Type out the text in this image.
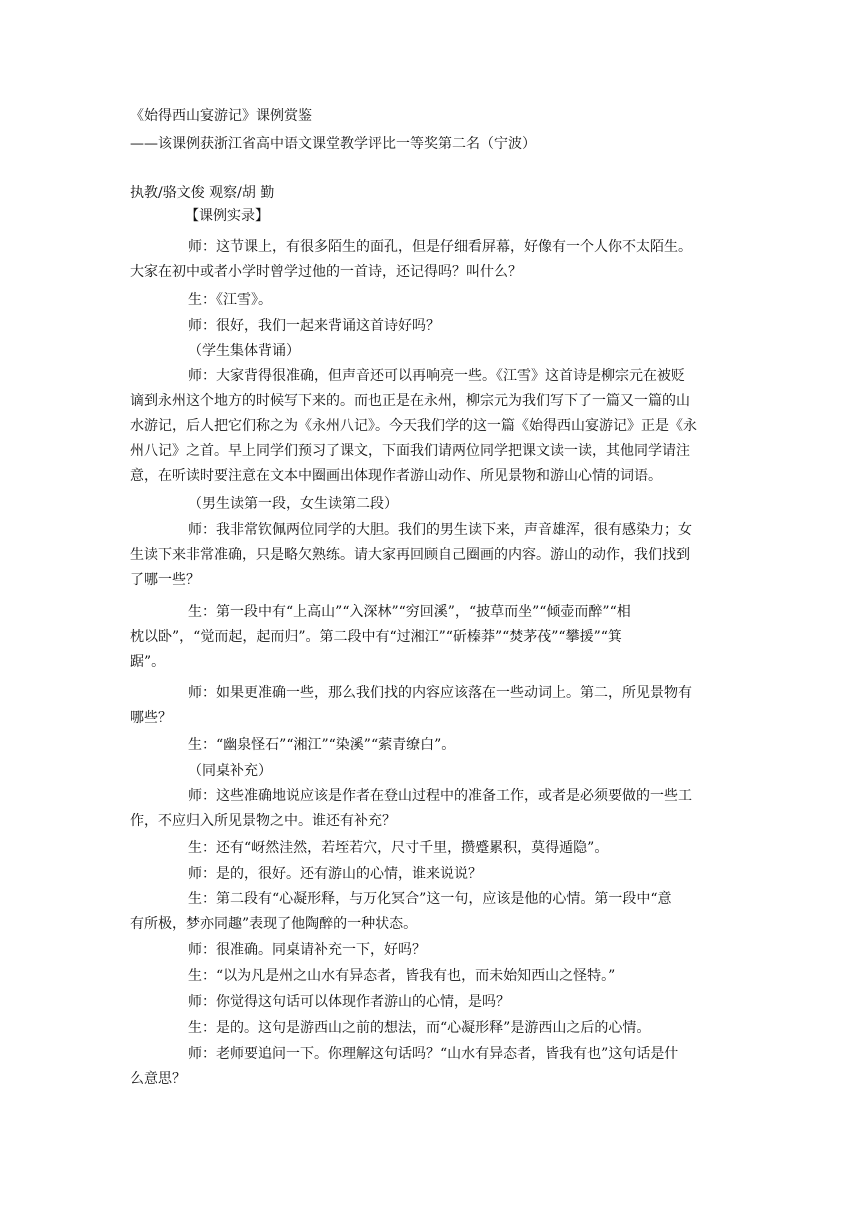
《始得西山宴游记》课例赏鉴
——该课例获浙江省高中语文课堂教学评比一等奖第二名（宁波）
执教/骆文俊 观察/胡 勤
【课例实录】
师：这节课上，有很多陌生的面孔，但是仔细看屏幕，好像有一个人你不太陌生。
大家在初中或者小学时曾学过他的一首诗，还记得吗？叫什么？
生：《江雪》。
师：很好，我们一起来背诵这首诗好吗？
（学生集体背诵）
师：大家背得很准确，但声音还可以再响亮一些。《江雪》这首诗是柳宗元在被贬
谪到永州这个地方的时候写下来的。而也正是在永州，柳宗元为我们写下了一篇又一篇的山
水游记，后人把它们称之为《永州八记》。今天我们学的这一篇《始得西山宴游记》正是《永
州八记》之首。早上同学们预习了课文，下面我们请两位同学把课文读一读，其他同学请注
意，在听读时要注意在文本中圈画出体现作者游山动作、所见景物和游山心情的词语。
（男生读第一段，女生读第二段）
师：我非常钦佩两位同学的大胆。我们的男生读下来，声音雄浑，很有感染力；女
生读下来非常准确，只是略欠熟练。请大家再回顾自己圈画的内容。游山的动作，我们找到
了哪一些？
生：第一段中有“上高山”“入深林”“穷回溪”，“披草而坐”“倾壶而醉”“相
枕以卧”，“觉而起，起而归”。第二段中有“过湘江”“斫榛莽”“焚茅茷”“攀援”“箕
踞”。
师：如果更准确一些，那么我们找的内容应该落在一些动词上。第二，所见景物有
哪些？
生：“幽泉怪石”“湘江”“染溪”“萦青缭白”。
（同桌补充）
师：这些准确地说应该是作者在登山过程中的准备工作，或者是必须要做的一些工
作，不应归入所见景物之中。谁还有补充？
生：还有“岈然洼然，若垤若穴，尺寸千里，攒蹙累积，莫得遁隐”。
师：是的，很好。还有游山的心情，谁来说说？
生：第二段有“心凝形释，与万化冥合”这一句，应该是他的心情。第一段中“意
有所极，梦亦同趣”表现了他陶醉的一种状态。
师：很准确。同桌请补充一下，好吗？
生：“以为凡是州之山水有异态者，皆我有也，而未始知西山之怪特。”
师：你觉得这句话可以体现作者游山的心情，是吗？
生：是的。这句是游西山之前的想法，而“心凝形释”是游西山之后的心情。
师：老师要追问一下。你理解这句话吗？“山水有异态者，皆我有也”这句话是什
么意思？
